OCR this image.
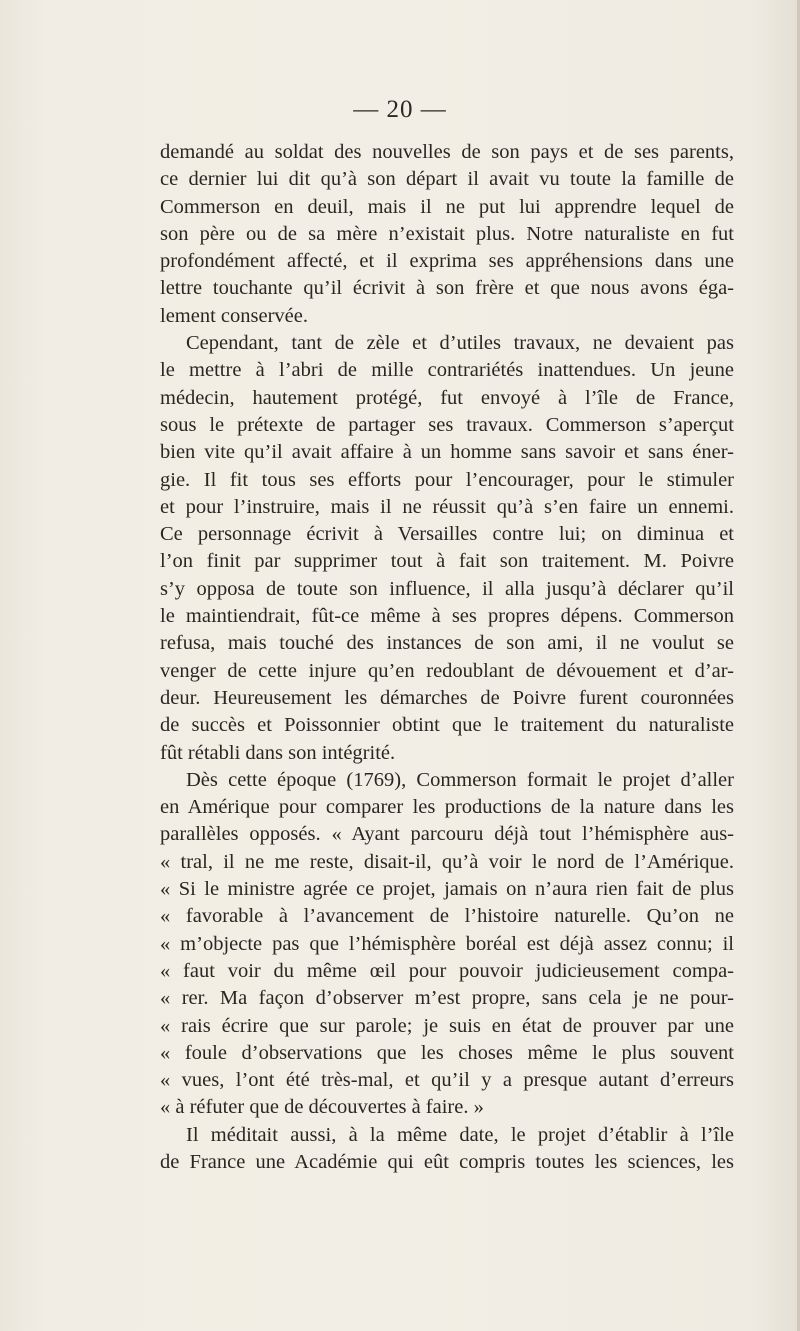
— 20 —
demandé au soldat des nouvelles de son pays et de ses parents,
ce dernier lui dit qu’à son départ il avait vu toute la famille de
Commerson en deuil, mais il ne put lui apprendre lequel de
son père ou de sa mère n’existait plus. Notre naturaliste en fut
profondément affecté, et il exprima ses appréhensions dans une
lettre touchante qu’il écrivit à son frère et que nous avons éga-
lement conservée.
Cependant, tant de zèle et d’utiles travaux, ne devaient pas
le mettre à l’abri de mille contrariétés inattendues. Un jeune
médecin, hautement protégé, fut envoyé à l’île de France,
sous le prétexte de partager ses travaux. Commerson s’aperçut
bien vite qu’il avait affaire à un homme sans savoir et sans éner-
gie. Il fit tous ses efforts pour l’encourager, pour le stimuler
et pour l’instruire, mais il ne réussit qu’à s’en faire un ennemi.
Ce personnage écrivit à Versailles contre lui; on diminua et
l’on finit par supprimer tout à fait son traitement. M. Poivre
s’y opposa de toute son influence, il alla jusqu’à déclarer qu’il
le maintiendrait, fût-ce même à ses propres dépens. Commerson
refusa, mais touché des instances de son ami, il ne voulut se
venger de cette injure qu’en redoublant de dévouement et d’ar-
deur. Heureusement les démarches de Poivre furent couronnées
de succès et Poissonnier obtint que le traitement du naturaliste
fût rétabli dans son intégrité.
Dès cette époque (1769), Commerson formait le projet d’aller
en Amérique pour comparer les productions de la nature dans les
parallèles opposés. « Ayant parcouru déjà tout l’hémisphère aus-
« tral, il ne me reste, disait-il, qu’à voir le nord de l’Amérique.
« Si le ministre agrée ce projet, jamais on n’aura rien fait de plus
« favorable à l’avancement de l’histoire naturelle. Qu’on ne
« m’objecte pas que l’hémisphère boréal est déjà assez connu; il
« faut voir du même œil pour pouvoir judicieusement compa-
« rer. Ma façon d’observer m’est propre, sans cela je ne pour-
« rais écrire que sur parole; je suis en état de prouver par une
« foule d’observations que les choses même le plus souvent
« vues, l’ont été très-mal, et qu’il y a presque autant d’erreurs
« à réfuter que de découvertes à faire. »
Il méditait aussi, à la même date, le projet d’établir à l’île
de France une Académie qui eût compris toutes les sciences, les
